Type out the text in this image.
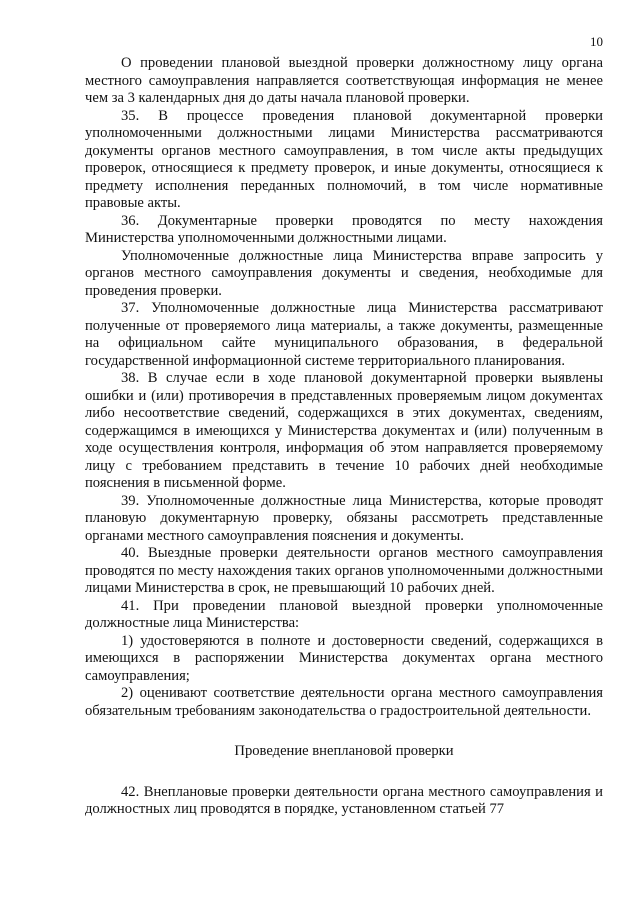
10

О проведении плановой выездной проверки должностному лицу органа местного самоуправления направляется соответствующая информация не менее чем за 3 календарных дня до даты начала плановой проверки.

35. В процессе проведения плановой документарной проверки уполномоченными должностными лицами Министерства рассматриваются документы органов местного самоуправления, в том числе акты предыдущих проверок, относящиеся к предмету проверок, и иные документы, относящиеся к предмету исполнения переданных полномочий, в том числе нормативные правовые акты.

36. Документарные проверки проводятся по месту нахождения Министерства уполномоченными должностными лицами.

Уполномоченные должностные лица Министерства вправе запросить у органов местного самоуправления документы и сведения, необходимые для проведения проверки.

37. Уполномоченные должностные лица Министерства рассматривают полученные от проверяемого лица материалы, а также документы, размещенные на официальном сайте муниципального образования, в федеральной государственной информационной системе территориального планирования.

38. В случае если в ходе плановой документарной проверки выявлены ошибки и (или) противоречия в представленных проверяемым лицом документах либо несоответствие сведений, содержащихся в этих документах, сведениям, содержащимся в имеющихся у Министерства документах и (или) полученным в ходе осуществления контроля, информация об этом направляется проверяемому лицу с требованием представить в течение 10 рабочих дней необходимые пояснения в письменной форме.

39. Уполномоченные должностные лица Министерства, которые проводят плановую документарную проверку, обязаны рассмотреть представленные органами местного самоуправления пояснения и документы.

40. Выездные проверки деятельности органов местного самоуправления проводятся по месту нахождения таких органов уполномоченными должностными лицами Министерства в срок, не превышающий 10 рабочих дней.

41. При проведении плановой выездной проверки уполномоченные должностные лица Министерства:

1) удостоверяются в полноте и достоверности сведений, содержащихся в имеющихся в распоряжении Министерства документах органа местного самоуправления;

2) оценивают соответствие деятельности органа местного самоуправления обязательным требованиям законодательства о градостроительной деятельности.

Проведение внеплановой проверки

42. Внеплановые проверки деятельности органа местного самоуправления и должностных лиц проводятся в порядке, установленном статьей 77
